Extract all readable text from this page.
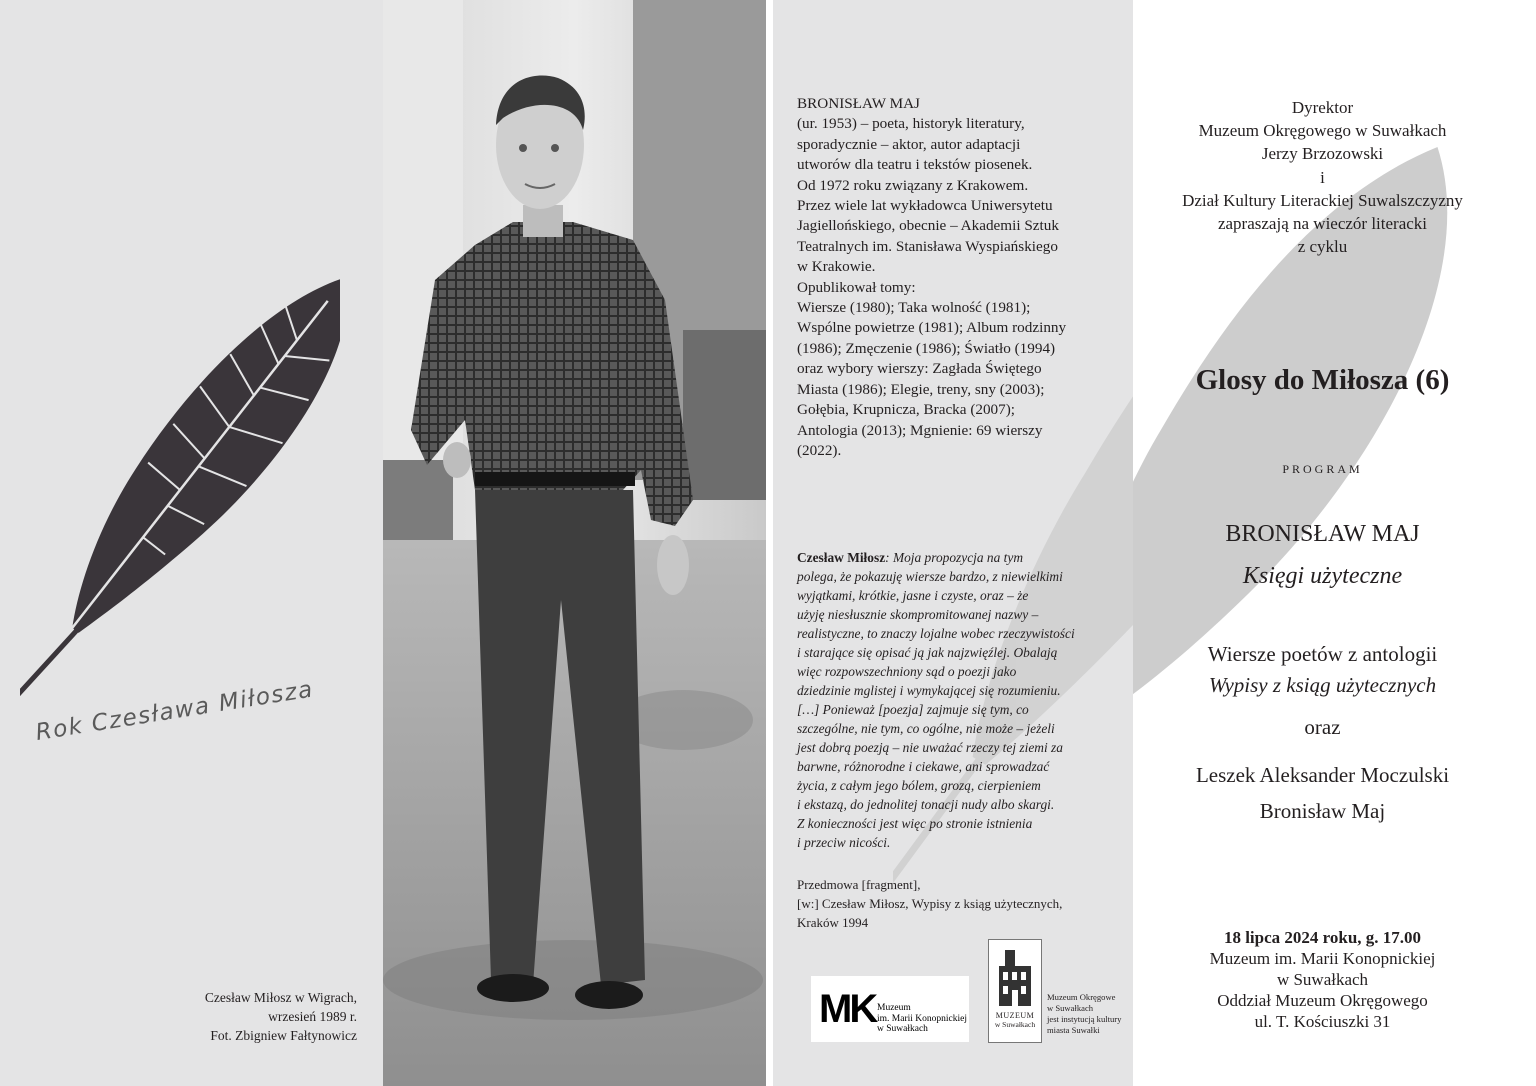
Rok Czesława Miłosza
Czesław Miłosz w Wigrach,
wrzesień 1989 r.
Fot. Zbigniew Fałtynowicz
BRONISŁAW MAJ
(ur. 1953) – poeta, historyk literatury,
sporadycznie – aktor, autor adaptacji
utworów dla teatru i tekstów piosenek.
Od 1972 roku związany z Krakowem.
Przez wiele lat wykładowca Uniwersytetu
Jagiellońskiego, obecnie – Akademii Sztuk
Teatralnych im. Stanisława Wyspiańskiego
w Krakowie.
Opublikował tomy:
Wiersze (1980); Taka wolność (1981);
Wspólne powietrze (1981); Album rodzinny
(1986); Zmęczenie (1986); Światło (1994)
oraz wybory wierszy: Zagłada Świętego
Miasta (1986); Elegie, treny, sny (2003);
Gołębia, Krupnicza, Bracka (2007);
Antologia (2013); Mgnienie: 69 wierszy
(2022).
Czesław Miłosz: Moja propozycja na tym
polega, że pokazuję wiersze bardzo, z niewielkimi
wyjątkami, krótkie, jasne i czyste, oraz – że
użyję niesłusznie skompromitowanej nazwy –
realistyczne, to znaczy lojalne wobec rzeczywistości
i starające się opisać ją jak najzwięźlej. Obalają
więc rozpowszechniony sąd o poezji jako
dziedzinie mglistej i wymykającej się rozumieniu.
[…] Ponieważ [poezja] zajmuje się tym, co
szczególne, nie tym, co ogólne, nie może – jeżeli
jest dobrą poezją – nie uważać rzeczy tej ziemi za
barwne, różnorodne i ciekawe, ani sprowadzać
życia, z całym jego bólem, grozą, cierpieniem
i ekstazą, do jednolitej tonacji nudy albo skargi.
Z konieczności jest więc po stronie istnienia
i przeciw nicości.
Przedmowa [fragment],
[w:] Czesław Miłosz, Wypisy z ksiąg użytecznych,
Kraków 1994
MK Muzeum
im. Marii Konopnickiej
w Suwałkach
MUZEUM
w Suwałkach
Muzeum Okręgowe
w Suwałkach
jest instytucją kultury
miasta Suwałki
Dyrektor
Muzeum Okręgowego w Suwałkach
Jerzy Brzozowski
i
Dział Kultury Literackiej Suwalszczyzny
zapraszają na wieczór literacki
z cyklu
Glosy do Miłosza (6)
PROGRAM
BRONISŁAW MAJ
Księgi użyteczne
Wiersze poetów z antologii
Wypisy z ksiąg użytecznych
oraz
Leszek Aleksander Moczulski
Bronisław Maj
18 lipca 2024 roku, g. 17.00
Muzeum im. Marii Konopnickiej
w Suwałkach
Oddział Muzeum Okręgowego
ul. T. Kościuszki 31
